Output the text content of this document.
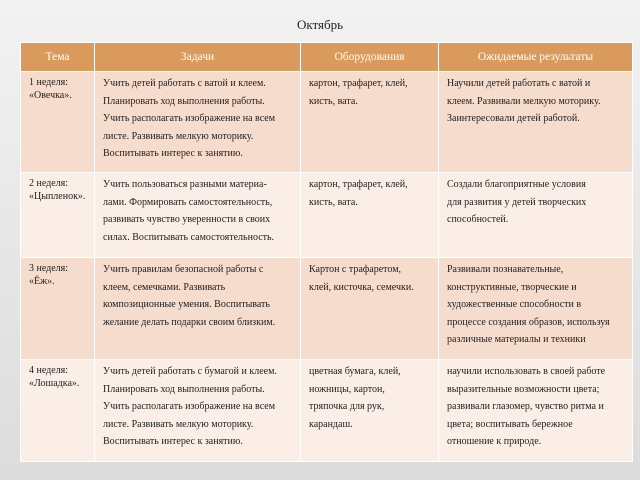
Октябрь
Тема	Задачи	Оборудования	Ожидаемые результаты

1 неделя:
«Овечка».	Учить детей работать с ватой и клеем.
Планировать ход выполнения работы.
Учить располагать изображение на всем
листе. Развивать мелкую моторику.
Воспитывать интерес к занятию.	картон, трафарет, клей,
кисть, вата.	Научили детей работать с ватой и
клеем. Развивали мелкую моторику.
Заинтересовали детей работой.

2 неделя:
«Цыпленок».	Учить пользоваться разными материа-
лами. Формировать самостоятельность,
развивать чувство уверенности в своих
силах. Воспитывать самостоятельность.	картон, трафарет, клей,
кисть, вата.	Создали благоприятные условия
для развития у детей творческих
способностей.

3 неделя:
«Ёж».	Учить правилам безопасной работы с
клеем, семечками. Развивать
композиционные умения. Воспитывать
желание делать подарки своим близким.	Картон с трафаретом,
клей, кисточка, семечки.	Развивали познавательные,
конструктивные, творческие и
художественные способности в
процессе создания образов, используя
различные материалы и техники

4 неделя:
«Лошадка».	Учить детей работать с бумагой и клеем.
Планировать ход выполнения работы.
Учить располагать изображение на всем
листе. Развивать мелкую моторику.
Воспитывать интерес к занятию.	цветная бумага, клей,
ножницы, картон,
тряпочка для рук,
карандаш.	научили использовать в своей работе
выразительные возможности цвета;
развивали глазомер, чувство ритма и
цвета; воспитывать бережное
отношение к природе.
